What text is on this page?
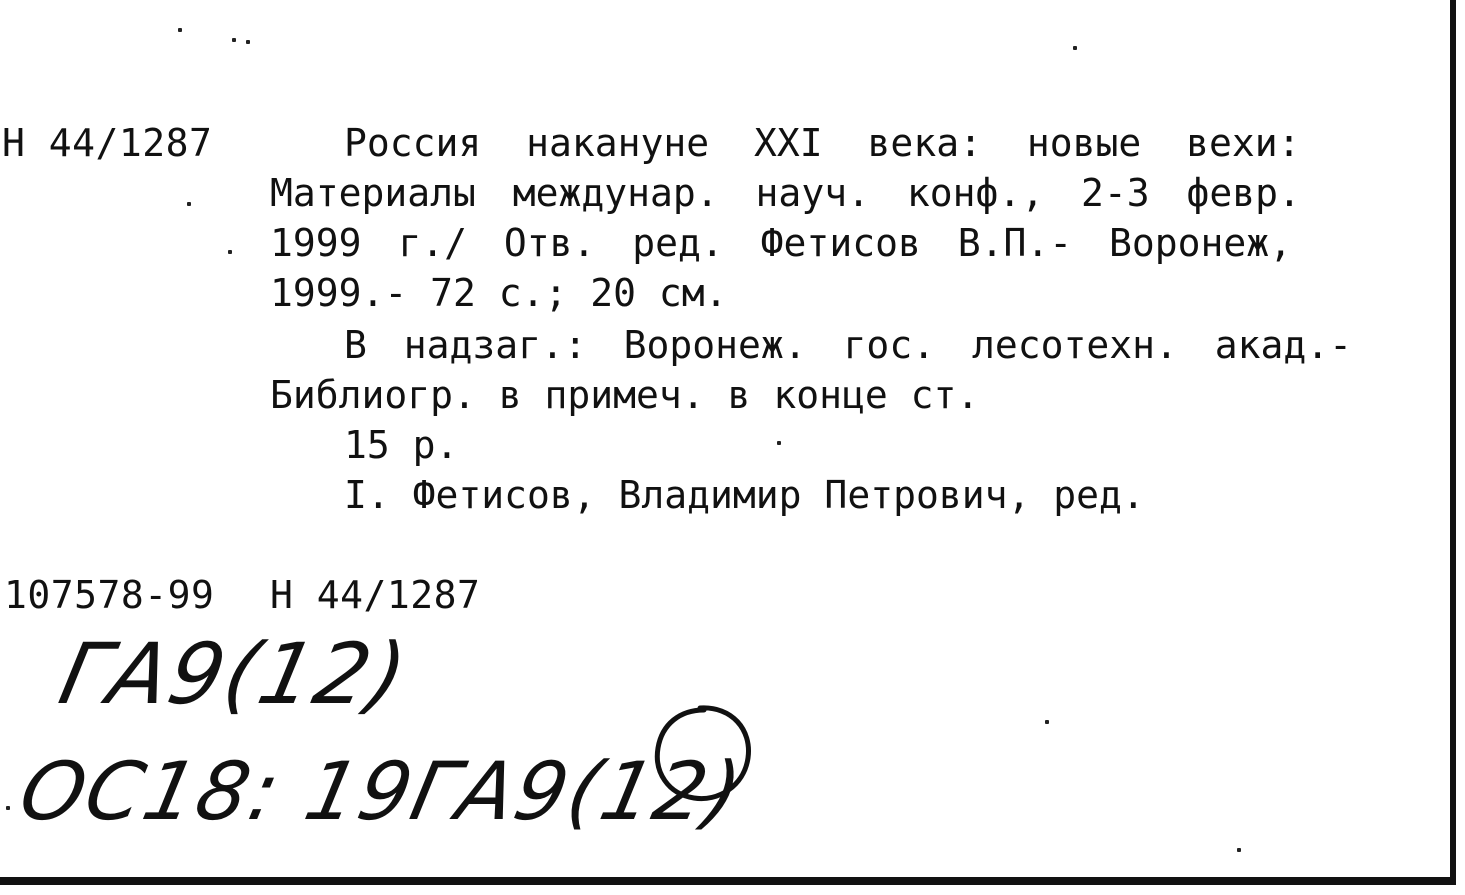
Н 44/1287	Россия накануне XXI века: новые вехи:
Материалы междунар. науч. конф., 2-3 февр.
1999 г./ Отв. ред. Фетисов В.П.- Воронеж,
1999.- 72 с.; 20 см.
В надзаг.: Воронеж. гос. лесотехн. акад.-
Библиогр. в примеч. в конце ст.
15 р.
I. Фетисов, Владимир Петрович, ред.
107578-99 Н 44/1287
ГА9(12)
ОС18: 19ГА9(12)
